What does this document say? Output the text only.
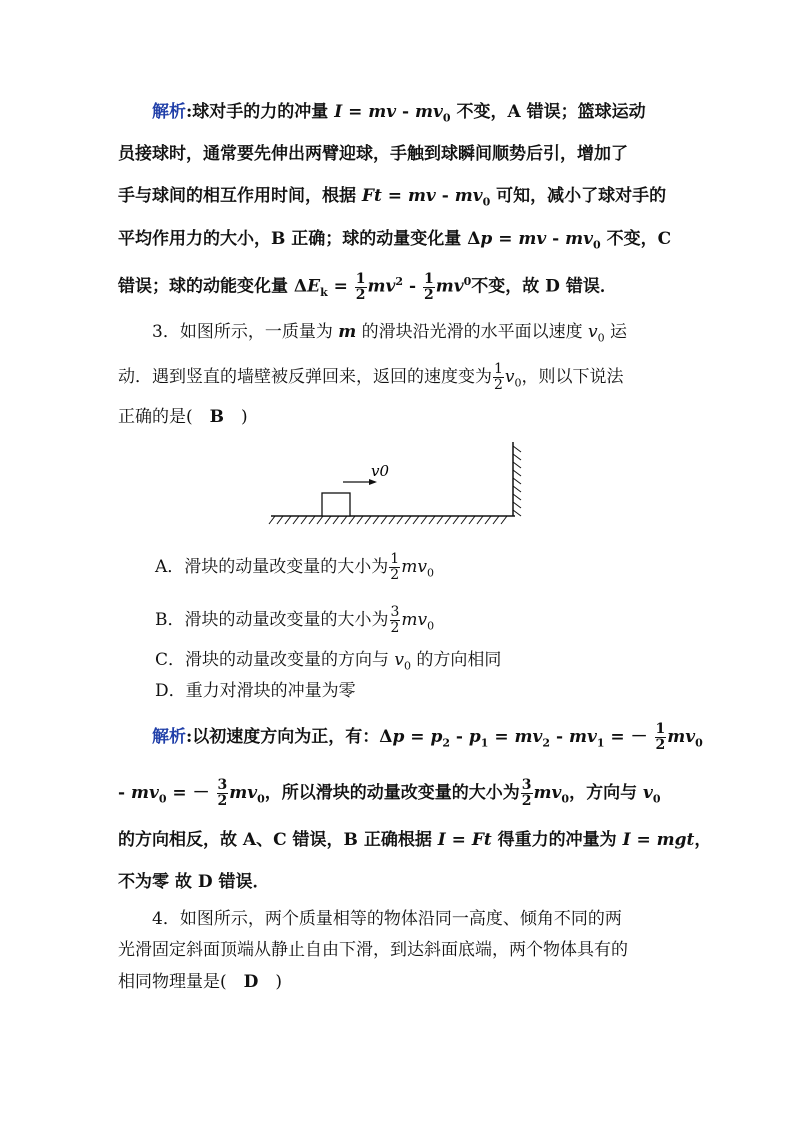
解析:球对手的力的冲量 I = mv - $mv_0$ 不变，A 错误；篮球运动
员接球时，通常要先伸出两臂迎球，手触到球瞬间顺势后引，增加了
手与球间的相互作用时间，根据 Ft = mv - $mv_0$ 可知，减小了球对手的
平均作用力的大小，B 正确；球的动量变化量 Δp = mv - $mv_0$ 不变，C
错误；球的动能变化量 $\Delta E_k = \frac{1}{2} mv^2 - \frac{1}{2} mv^0$不变，故 D 错误．
3．如图所示，一质量为 m 的滑块沿光滑的水平面以速度 $v_0$ 运
动．遇到竖直的墙壁被反弹回来，返回的速度变为 $\frac{1}{2} v_0$，则以下说法
正确的是(　B　)
v0
A．滑块的动量改变量的大小为 $\frac{1}{2} mv_0$
B．滑块的动量改变量的大小为 $\frac{3}{2} mv_0$
C．滑块的动量改变量的方向与 $v_0$ 的方向相同
D．重力对滑块的冲量为零
解析:以初速度方向为正，有：$\Delta p = p_2 - p_1 = mv_2 - mv_1$ = － $\frac{1}{2} mv_0$
- $mv_0$ = － $\frac{3}{2} mv_0$，所以滑块的动量改变量的大小为 $\frac{3}{2} mv_0$，方向与 $v_0$
的方向相反，故 A、C 错误，B 正确根据 I = Ft 得重力的冲量为 I = mgt，
不为零 故 D 错误．
4．如图所示，两个质量相等的物体沿同一高度、倾角不同的两
光滑固定斜面顶端从静止自由下滑，到达斜面底端，两个物体具有的
相同物理量是(　D　)
